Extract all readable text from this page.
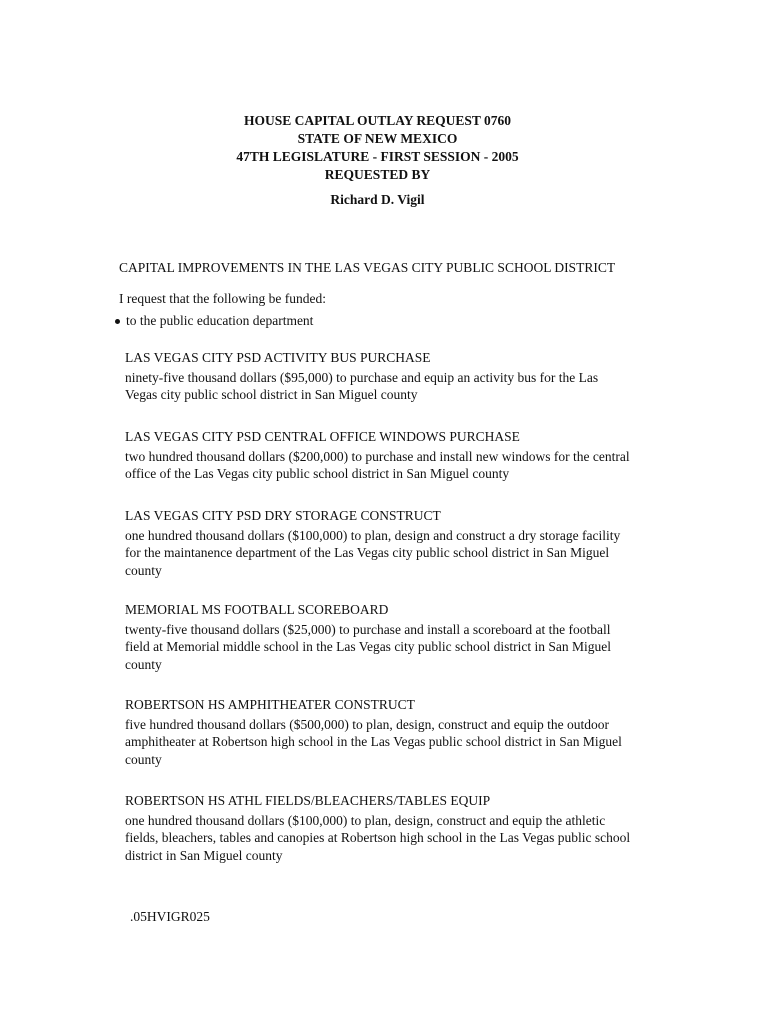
HOUSE CAPITAL OUTLAY REQUEST 0760
STATE OF NEW MEXICO
47TH LEGISLATURE - FIRST SESSION - 2005
REQUESTED BY
Richard D. Vigil
CAPITAL IMPROVEMENTS IN THE LAS VEGAS CITY PUBLIC SCHOOL DISTRICT
I request that the following be funded:
to the public education department
LAS VEGAS CITY PSD ACTIVITY BUS PURCHASE
ninety-five thousand dollars ($95,000) to purchase and equip an activity bus for the Las
Vegas city public school district in San Miguel county
LAS VEGAS CITY PSD CENTRAL OFFICE WINDOWS PURCHASE
two hundred thousand dollars ($200,000) to purchase and install new windows for the central
office of the Las Vegas city public school district in San Miguel county
LAS VEGAS CITY PSD DRY STORAGE CONSTRUCT
one hundred thousand dollars ($100,000) to plan, design and construct a dry storage facility
for the maintanence department of the Las Vegas city public school district in San Miguel
county
MEMORIAL MS FOOTBALL SCOREBOARD
twenty-five thousand dollars ($25,000) to purchase and install a scoreboard at the football
field at Memorial middle school in the Las Vegas city public school district in San Miguel
county
ROBERTSON HS AMPHITHEATER CONSTRUCT
five hundred thousand dollars ($500,000) to plan, design, construct and equip the outdoor
amphitheater at Robertson high school in the Las Vegas public school district in San Miguel
county
ROBERTSON HS ATHL FIELDS/BLEACHERS/TABLES EQUIP
one hundred thousand dollars ($100,000) to plan, design, construct and equip the athletic
fields, bleachers, tables and canopies at Robertson high school in the Las Vegas public school
district in San Miguel county
.05HVIGR025
